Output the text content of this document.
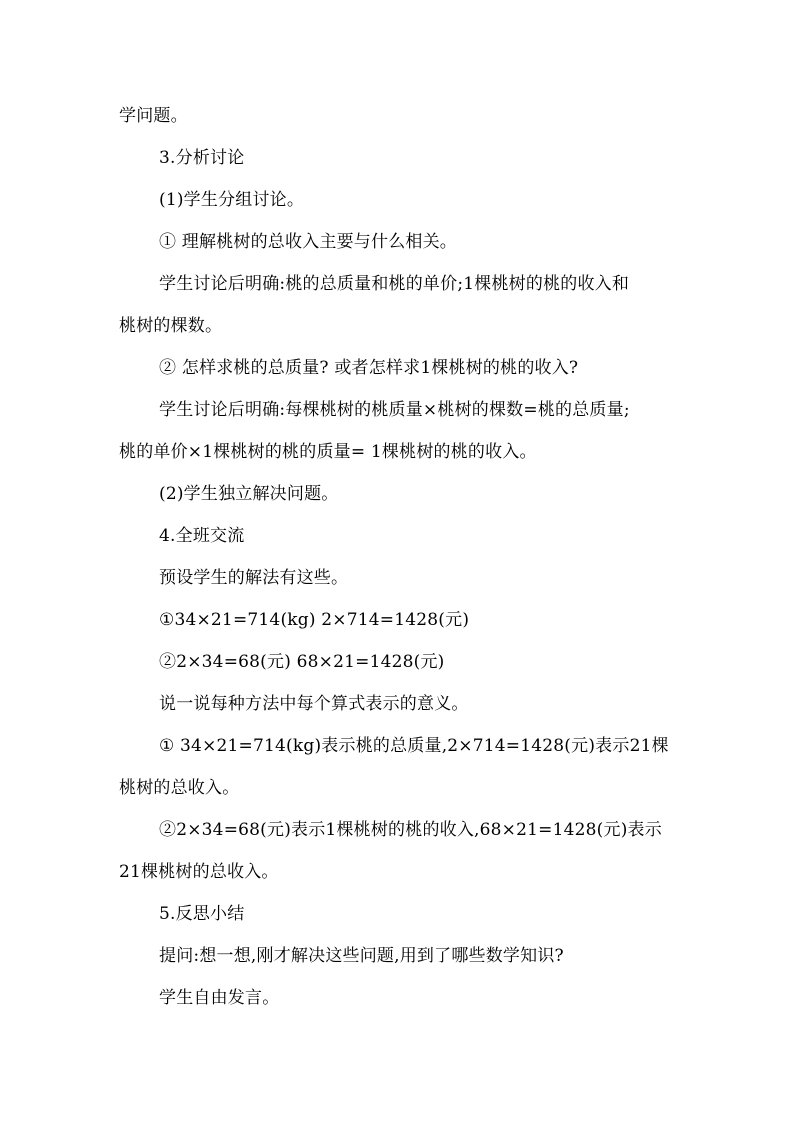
学问题。
3.分析讨论
(1)学生分组讨论。
① 理解桃树的总收入主要与什么相关。
学生讨论后明确:桃的总质量和桃的单价;1棵桃树的桃的收入和
桃树的棵数。
② 怎样求桃的总质量? 或者怎样求1棵桃树的桃的收入?
学生讨论后明确:每棵桃树的桃质量×桃树的棵数=桃的总质量;
桃的单价×1棵桃树的桃的质量= 1棵桃树的桃的收入。
(2)学生独立解决问题。
4.全班交流
预设学生的解法有这些。
①34×21=714(kg) 2×714=1428(元)
②2×34=68(元) 68×21=1428(元)
说一说每种方法中每个算式表示的意义。
① 34×21=714(kg)表示桃的总质量,2×714=1428(元)表示21棵
桃树的总收入。
②2×34=68(元)表示1棵桃树的桃的收入,68×21=1428(元)表示
21棵桃树的总收入。
5.反思小结
提问:想一想,刚才解决这些问题,用到了哪些数学知识?
学生自由发言。
